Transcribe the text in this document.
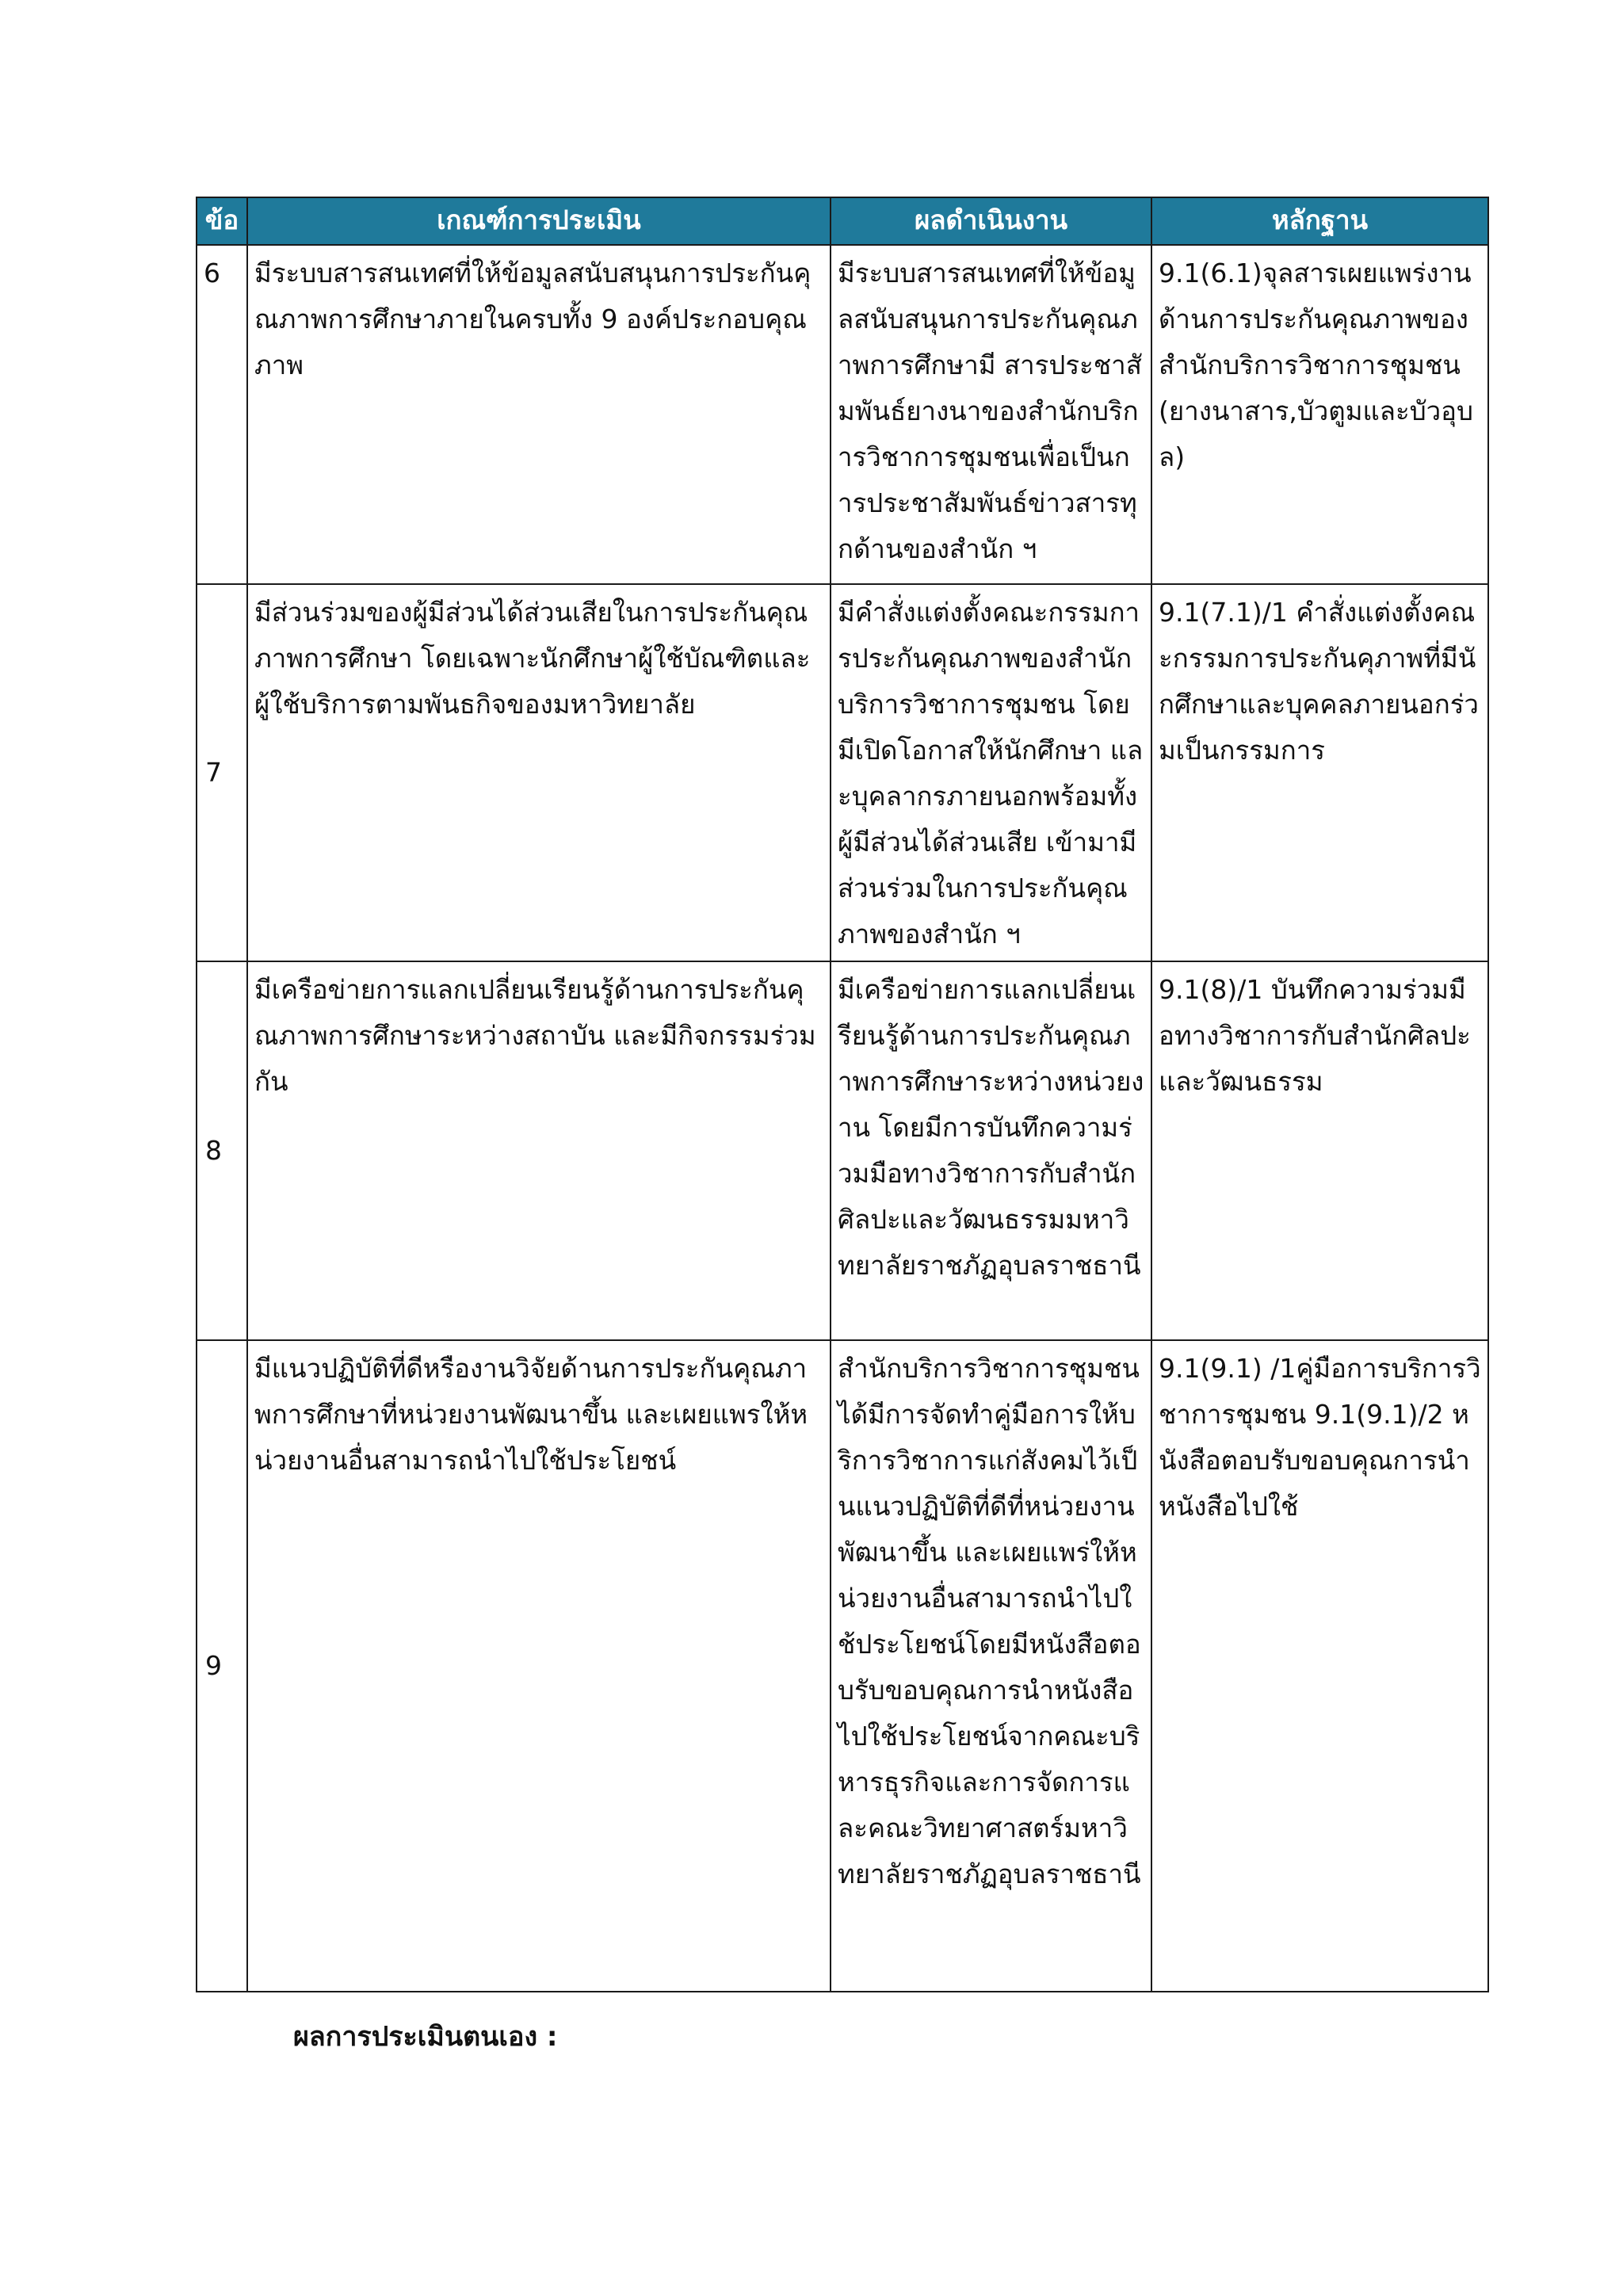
ข้อ	เกณฑ์การประเมิน	ผลดำเนินงาน	หลักฐาน

6	มีระบบสารสนเทศที่ให้ข้อมูลสนับสนุนการประกันคุณภาพการศึกษาภายในครบทั้ง 9 องค์ประกอบคุณภาพ	มีระบบสารสนเทศที่ให้ข้อมูลสนับสนุนการประกันคุณภาพการศึกษามี สารประชาสัมพันธ์ยางนาของสำนักบริการวิชาการชุมชนเพื่อเป็นการประชาสัมพันธ์ข่าวสารทุกด้านของสำนัก ฯ	9.1(6.1)จุลสารเผยแพร่งานด้านการประกันคุณภาพของสำนักบริการวิชาการชุมชน(ยางนาสาร,บัวตูมและบัวอุบล)

7	มีส่วนร่วมของผู้มีส่วนได้ส่วนเสียในการประกันคุณภาพการศึกษา โดยเฉพาะนักศึกษาผู้ใช้บัณฑิตและผู้ใช้บริการตามพันธกิจของมหาวิทยาลัย	มีคำสั่งแต่งตั้งคณะกรรมการประกันคุณภาพของสำนักบริการวิชาการชุมชน โดยมีเปิดโอกาสให้นักศึกษา และบุคลากรภายนอกพร้อมทั้งผู้มีส่วนได้ส่วนเสีย เข้ามามีส่วนร่วมในการประกันคุณภาพของสำนัก ฯ	9.1(7.1)/1 คำสั่งแต่งตั้งคณะกรรมการประกันคุภาพที่มีนักศึกษาและบุคคลภายนอกร่วมเป็นกรรมการ

8	มีเครือข่ายการแลกเปลี่ยนเรียนรู้ด้านการประกันคุณภาพการศึกษาระหว่างสถาบัน และมีกิจกรรมร่วมกัน	มีเครือข่ายการแลกเปลี่ยนเรียนรู้ด้านการประกันคุณภาพการศึกษาระหว่างหน่วยงาน โดยมีการบันทึกความร่วมมือทางวิชาการกับสำนักศิลปะและวัฒนธรรมมหาวิทยาลัยราชภัฏอุบลราชธานี	9.1(8)/1 บันทึกความร่วมมือทางวิชาการกับสำนักศิลปะและวัฒนธรรม

9	มีแนวปฏิบัติที่ดีหรืองานวิจัยด้านการประกันคุณภาพการศึกษาที่หน่วยงานพัฒนาขึ้น และเผยแพรให้หน่วยงานอื่นสามารถนำไปใช้ประโยชน์	สำนักบริการวิชาการชุมชนได้มีการจัดทำคู่มือการให้บริการวิชาการแก่สังคมไว้เป็นแนวปฏิบัติที่ดีที่หน่วยงานพัฒนาขึ้น และเผยแพร่ให้หน่วยงานอื่นสามารถนำไปใช้ประโยชน์โดยมีหนังสือตอบรับขอบคุณการนำหนังสือไปใช้ประโยชน์จากคณะบริหารธุรกิจและการจัดการและคณะวิทยาศาสตร์มหาวิทยาลัยราชภัฏอุบลราชธานี	9.1(9.1) /1คู่มือการบริการวิชาการชุมชน 9.1(9.1)/2 หนังสือตอบรับขอบคุณการนำหนังสือไปใช้
ผลการประเมินตนเอง :
